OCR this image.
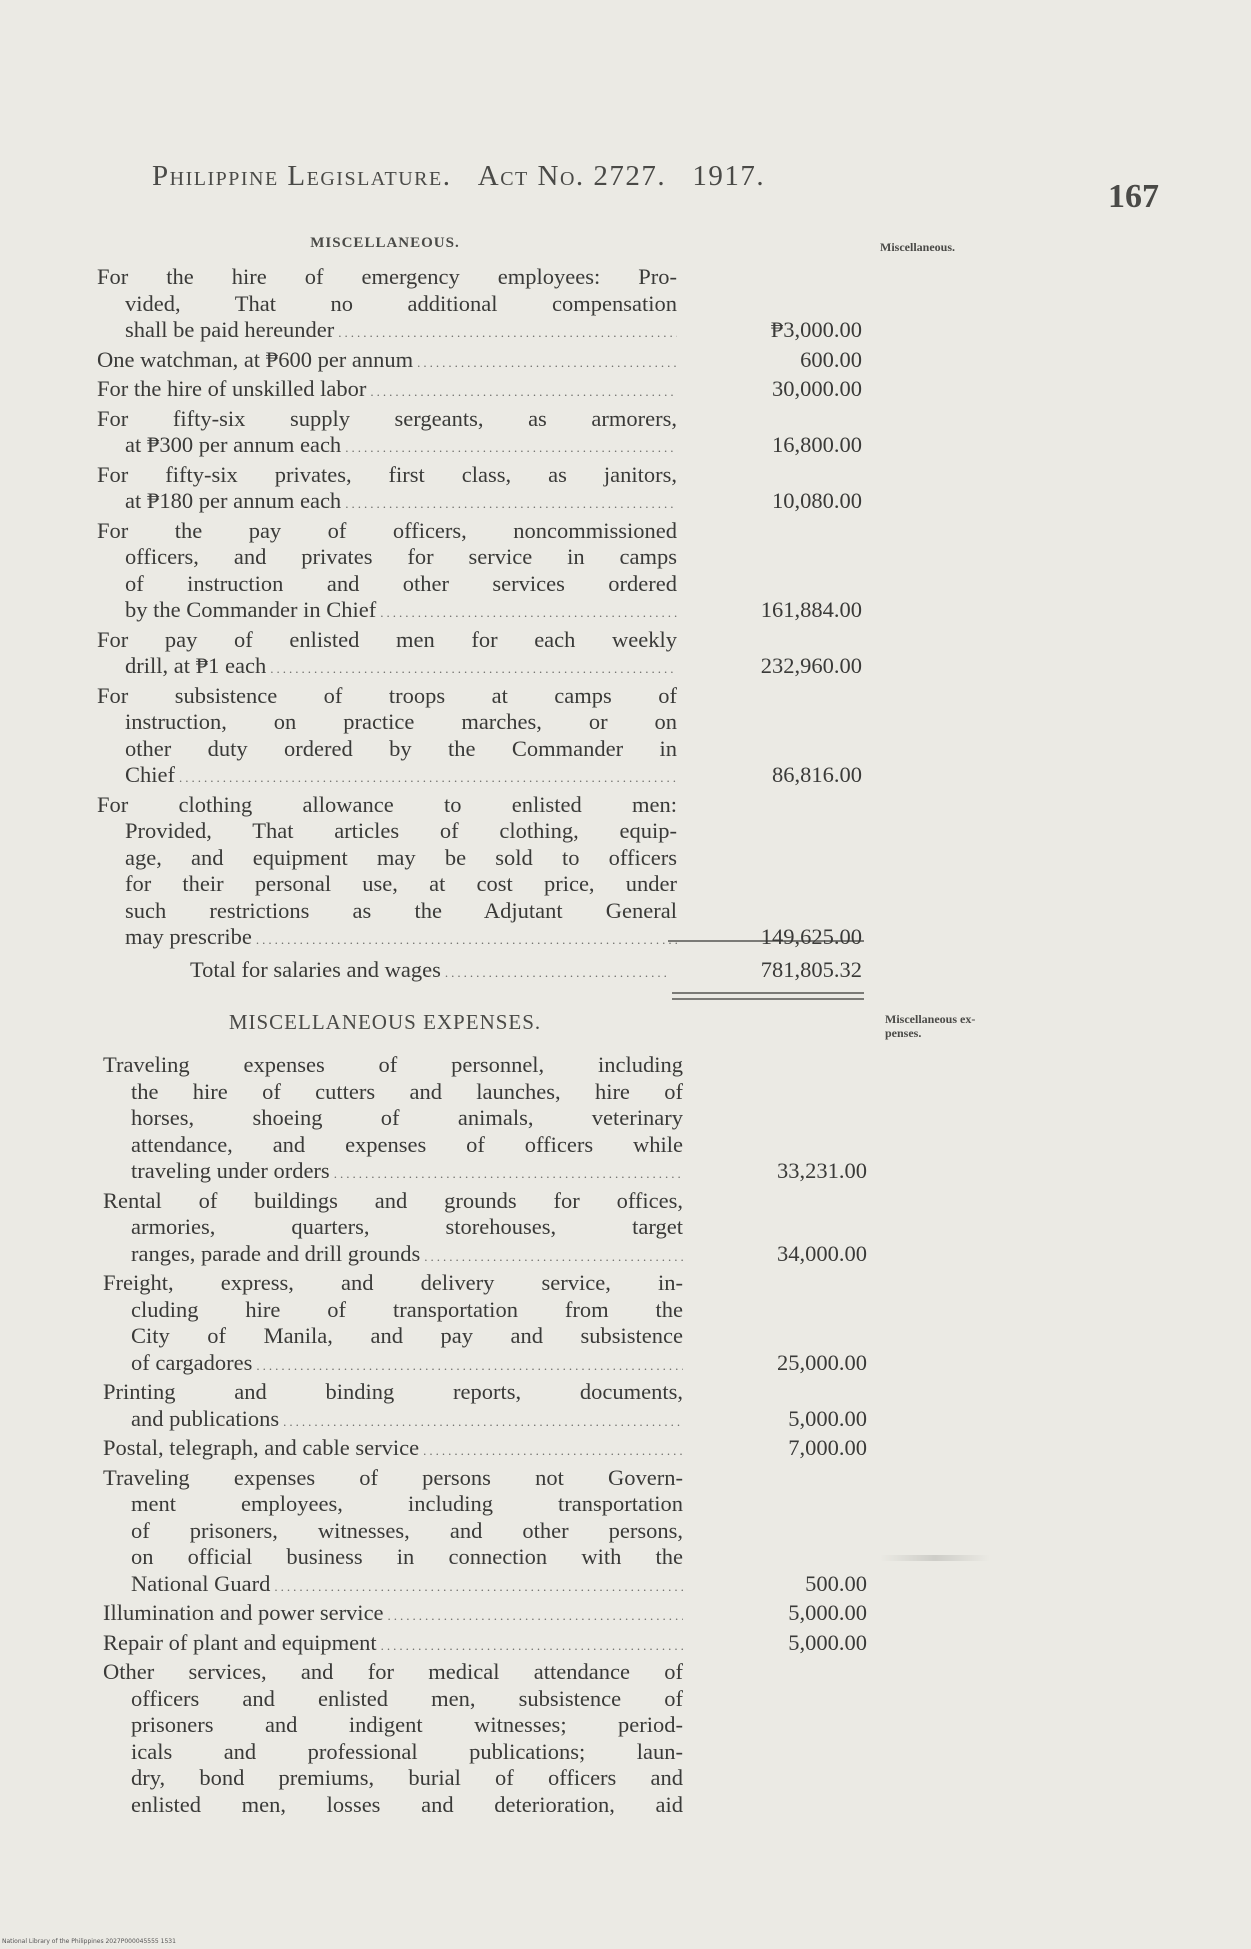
Philippine Legislature. Act No. 2727. 1917.
167
MISCELLANEOUS.	Miscellaneous.
For the hire of emergency employees: Pro-
vided, That no additional compensation
shall be paid hereunder
.....
One watchman, at ₱600 per annum
.....
For the hire of unskilled labor
.....
For fifty-six supply sergeants, as armorers,
at ₱300 per annum each
.....
For fifty-six privates, first class, as janitors,
at ₱180 per annum each
.....
For the pay of officers, noncommissioned
officers, and privates for service in camps
of instruction and other services ordered
by the Commander in Chief
.....
For pay of enlisted men for each weekly
drill, at ₱1 each
.....
For subsistence of troops at camps of
instruction, on practice marches, or on
other duty ordered by the Commander in
Chief
.....
For clothing allowance to enlisted men:
Provided, That articles of clothing, equip-
age, and equipment may be sold to officers
for their personal use, at cost price, under
such restrictions as the Adjutant General
may prescribe
.....
Total for salaries and wages
.....	781,805.32
MISCELLANEOUS EXPENSES.	Miscellaneous ex-
penses.
Traveling expenses of personnel, including
the hire of cutters and launches, hire of
horses, shoeing of animals, veterinary
attendance, and expenses of officers while
traveling under orders
.....
Rental of buildings and grounds for offices,
armories, quarters, storehouses, target
ranges, parade and drill grounds
.....
Freight, express, and delivery service, in-
cluding hire of transportation from the
City of Manila, and pay and subsistence
of cargadores
.....
Printing and binding reports, documents,
and publications
.....
Postal, telegraph, and cable service
.....
Traveling expenses of persons not Govern-
ment employees, including transportation
of prisoners, witnesses, and other persons,
on official business in connection with the
National Guard
.....
Illumination and power service
.....
Repair of plant and equipment
.....
Other services, and for medical attendance of
officers and enlisted men, subsistence of
prisoners and indigent witnesses; period-
icals and professional publications; laun-
dry, bond premiums, burial of officers and
enlisted men, losses and deterioration, aid
National Library of the Philippines 2027P000045555 1531
₱3,000.00
600.00
30,000.00
16,800.00
10,080.00
161,884.00
232,960.00
86,816.00
149,625.00
33,231.00
34,000.00
25,000.00
5,000.00
7,000.00
500.00
5,000.00
5,000.00
